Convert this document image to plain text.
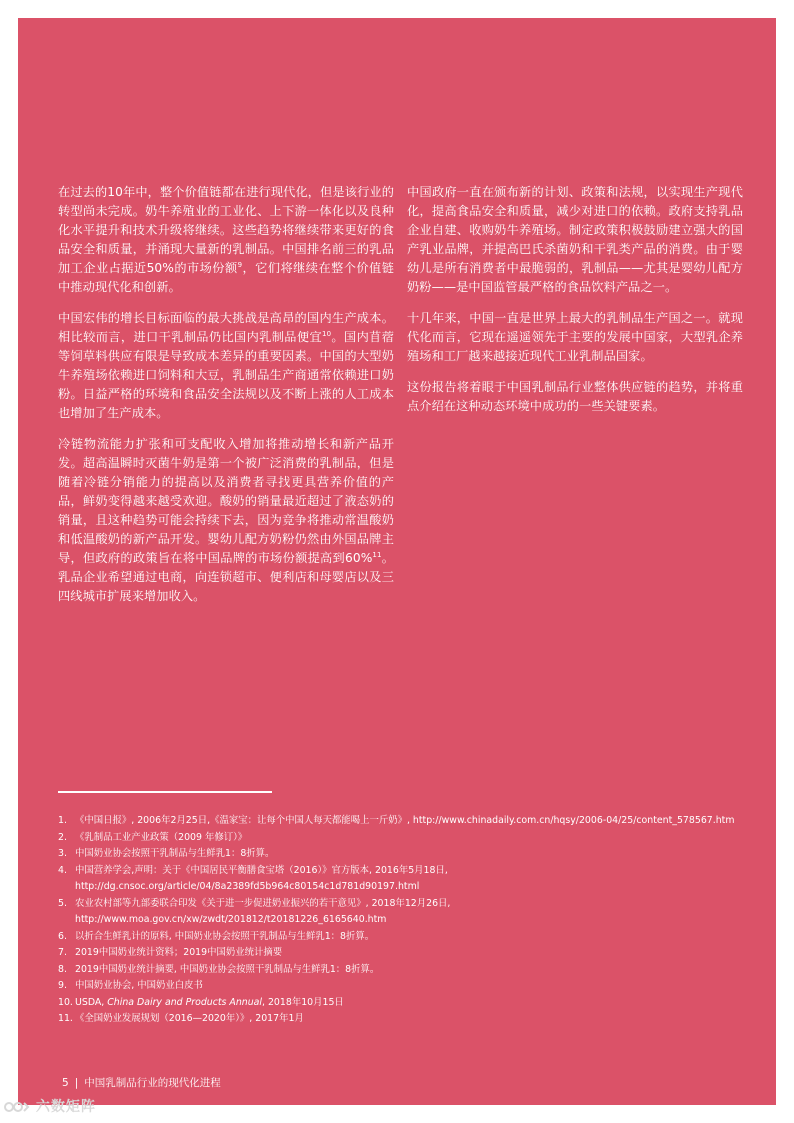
在过去的10年中，整个价值链都在进行现代化，但是该行业的转型尚未完成。奶牛养殖业的工业化、上下游一体化以及良种化水平提升和技术升级将继续。这些趋势将继续带来更好的食品安全和质量，并涌现大量新的乳制品。中国排名前三的乳品加工企业占据近50%的市场份额$^9$，它们将继续在整个价值链中推动现代化和创新。

中国宏伟的增长目标面临的最大挑战是高昂的国内生产成本。相比较而言，进口干乳制品仍比国内乳制品便宜$^{10}$。国内苜蓿等饲草料供应有限是导致成本差异的重要因素。中国的大型奶牛养殖场依赖进口饲料和大豆，乳制品生产商通常依赖进口奶粉。日益严格的环境和食品安全法规以及不断上涨的人工成本也增加了生产成本。

冷链物流能力扩张和可支配收入增加将推动增长和新产品开发。超高温瞬时灭菌牛奶是第一个被广泛消费的乳制品，但是随着冷链分销能力的提高以及消费者寻找更具营养价值的产品，鲜奶变得越来越受欢迎。酸奶的销量最近超过了液态奶的销量，且这种趋势可能会持续下去，因为竞争将推动常温酸奶和低温酸奶的新产品开发。婴幼儿配方奶粉仍然由外国品牌主导，但政府的政策旨在将中国品牌的市场份额提高到60%$^{11}$。乳品企业希望通过电商，向连锁超市、便利店和母婴店以及三四线城市扩展来增加收入。

中国政府一直在颁布新的计划、政策和法规，以实现生产现代化，提高食品安全和质量，减少对进口的依赖。政府支持乳品企业自建、收购奶牛养殖场。制定政策积极鼓励建立强大的国产乳业品牌，并提高巴氏杀菌奶和干乳类产品的消费。由于婴幼儿是所有消费者中最脆弱的，乳制品——尤其是婴幼儿配方奶粉——是中国监管最严格的食品饮料产品之一。

十几年来，中国一直是世界上最大的乳制品生产国之一。就现代化而言，它现在遥遥领先于主要的发展中国家，大型乳企养殖场和工厂越来越接近现代工业乳制品国家。

这份报告将着眼于中国乳制品行业整体供应链的趋势，并将重点介绍在这种动态环境中成功的一些关键要素。

1. 《中国日报》, 2006年2月25日,《温家宝：让每个中国人每天都能喝上一斤奶》, http://www.chinadaily.com.cn/hqsy/2006-04/25/content_578567.htm
2. 《乳制品工业产业政策（2009 年修订）》
3. 中国奶业协会按照干乳制品与生鲜乳1：8折算。
4. 中国营养学会,声明：关于《中国居民平衡膳食宝塔（2016）》官方版本, 2016年5月18日, http://dg.cnsoc.org/article/04/8a2389fd5b964c80154c1d781d90197.html
5. 农业农村部等九部委联合印发《关于进一步促进奶业振兴的若干意见》, 2018年12月26日, http://www.moa.gov.cn/xw/zwdt/201812/t20181226_6165640.htm
6. 以折合生鲜乳计的原料, 中国奶业协会按照干乳制品与生鲜乳1：8折算。
7. 2019中国奶业统计资料；2019中国奶业统计摘要
8. 2019中国奶业统计摘要, 中国奶业协会按照干乳制品与生鲜乳1：8折算。
9. 中国奶业协会, 中国奶业白皮书
10. USDA, China Dairy and Products Annual, 2018年10月15日
11. 《全国奶业发展规划（2016—2020年）》, 2017年1月
5 | 中国乳制品行业的现代化进程
六数矩阵
